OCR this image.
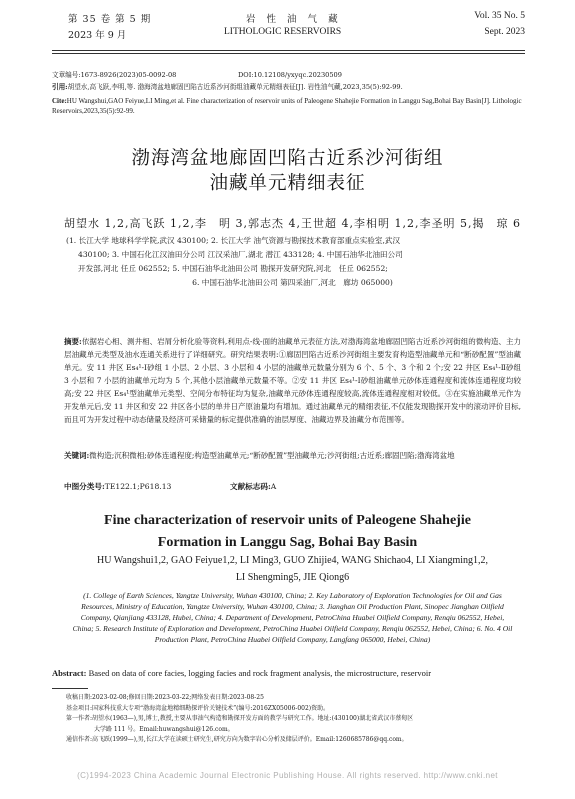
第 35 卷 第 5 期
2023 年 9 月
岩 性 油 气 藏
LITHOLOGIC RESERVOIRS
Vol. 35 No. 5
Sept. 2023
文章编号:1673-8926(2023)05-0092-08	DOI:10.12108/yxyqc.20230509
引用:胡望水,高飞跃,李明,等. 渤海湾盆地廊固凹陷古近系沙河街组油藏单元精细表征[J]. 岩性油气藏,2023,35(5):92-99.
Cite:HU Wangshui,GAO Feiyue,LI Ming,et al. Fine characterization of reservoir units of Paleogene Shahejie Formation in Langgu Sag,Bohai Bay Basin[J]. Lithologic Reservoirs,2023,35(5):92-99.
渤海湾盆地廊固凹陷古近系沙河街组
油藏单元精细表征
胡望水 1,2,高飞跃 1,2,李　明 3,郭志杰 4,王世超 4,李相明 1,2,李圣明 5,揭　琼 6

(1. 长江大学 地球科学学院,武汉 430100; 2. 长江大学 油气资源与勘探技术教育部重点实验室,武汉

430100; 3. 中国石化江汉油田分公司 江汉采油厂,湖北 潜江 433128; 4. 中国石油华北油田公司

开发部,河北 任丘 062552; 5. 中国石油华北油田公司 勘探开发研究院,河北　任丘 062552;

6. 中国石油华北油田公司 第四采油厂,河北　廊坊 065000)

摘要:依据岩心相、测井相、岩屑分析化验等资料,利用点-线-面的油藏单元表征方法,对渤海湾盆地廊固凹陷古近系沙河街组的微构造、主力层油藏单元类型及油水连通关系进行了详细研究。研究结果表明:①廊固凹陷古近系沙河街组主要发育构造型油藏单元和“断砂配置”型油藏单元。安 11 井区 Es₄¹-Ⅰ砂组 1 小层、2 小层、3 小层和 4 小层的油藏单元数量分别为 6 个、5 个、3 个和 2 个;安 22 井区 Es₄¹-Ⅱ砂组 3 小层和 7 小层的油藏单元均为 5 个,其他小层油藏单元数量不等。②安 11 井区 Es₄¹-Ⅰ砂组油藏单元砂体连通程度和流体连通程度均较高;安 22 井区 Es₄¹型油藏单元类型、空间分布特征均为复杂,油藏单元砂体连通程度较高,流体连通程度相对较低。③在实施油藏单元作为开发单元后,安 11 井区和安 22 井区各小层的单井日产原油量均有增加。通过油藏单元的精细表征,不仅能发现勘探开发中的滚动评价目标,而且可为开发过程中动态储量及经济可采储量的标定提供准确的油层厚度、油藏边界及油藏分布范围等。
关键词:微构造;沉积微相;砂体连通程度;构造型油藏单元;“断砂配置”型油藏单元;沙河街组;古近系;廊固凹陷;渤海湾盆地
中图分类号:TE122.1;P618.13	文献标志码:A
Fine characterization of reservoir units of Paleogene Shahejie
Formation in Langgu Sag, Bohai Bay Basin
HU Wangshui1,2, GAO Feiyue1,2, LI Ming3, GUO Zhijie4, WANG Shichao4, LI Xiangming1,2,
LI Shengming5, JIE Qiong6
(1. College of Earth Sciences, Yangtze University, Wuhan 430100, China; 2. Key Laboratory of Exploration Technologies for Oil and Gas Resources, Ministry of Education, Yangtze University, Wuhan 430100, China; 3. Jianghan Oil Production Plant, Sinopec Jianghan Oilfield Company, Qianjiang 433128, Hubei, China; 4. Department of Development, PetroChina Huabei Oilfield Company, Renqiu 062552, Hebei, China; 5. Research Institute of Exploration and Development, PetroChina Huabei Oilfield Company, Renqiu 062552, Hebei, China; 6. No. 4 Oil Production Plant, PetroChina Huabei Oilfield Company, Langfang 065000, Hebei, China)
Abstract: Based on data of core facies, logging facies and rock fragment analysis, the microstructure, reservoir
收稿日期:2023-02-08;修回日期:2023-03-22;网络发表日期:2023-08-25
基金项目:国家科技重大专项“渤海湾盆地精细勘探评价关键技术”(编号:2016ZX05006-002)资助。
第一作者:胡望水(1963—),男,博士,教授,主要从事油气构造和勘探开发方面的教学与研究工作。地址:(430100)湖北省武汉市蔡甸区
大学路 111 号。Email:huwangshui@126.com。
通信作者:高飞跃(1999—),男,长江大学在读硕士研究生,研究方向为数字岩心分析及储层评价。Email:1260685786@qq.com。
(C)1994-2023 China Academic Journal Electronic Publishing House. All rights reserved. http://www.cnki.net
